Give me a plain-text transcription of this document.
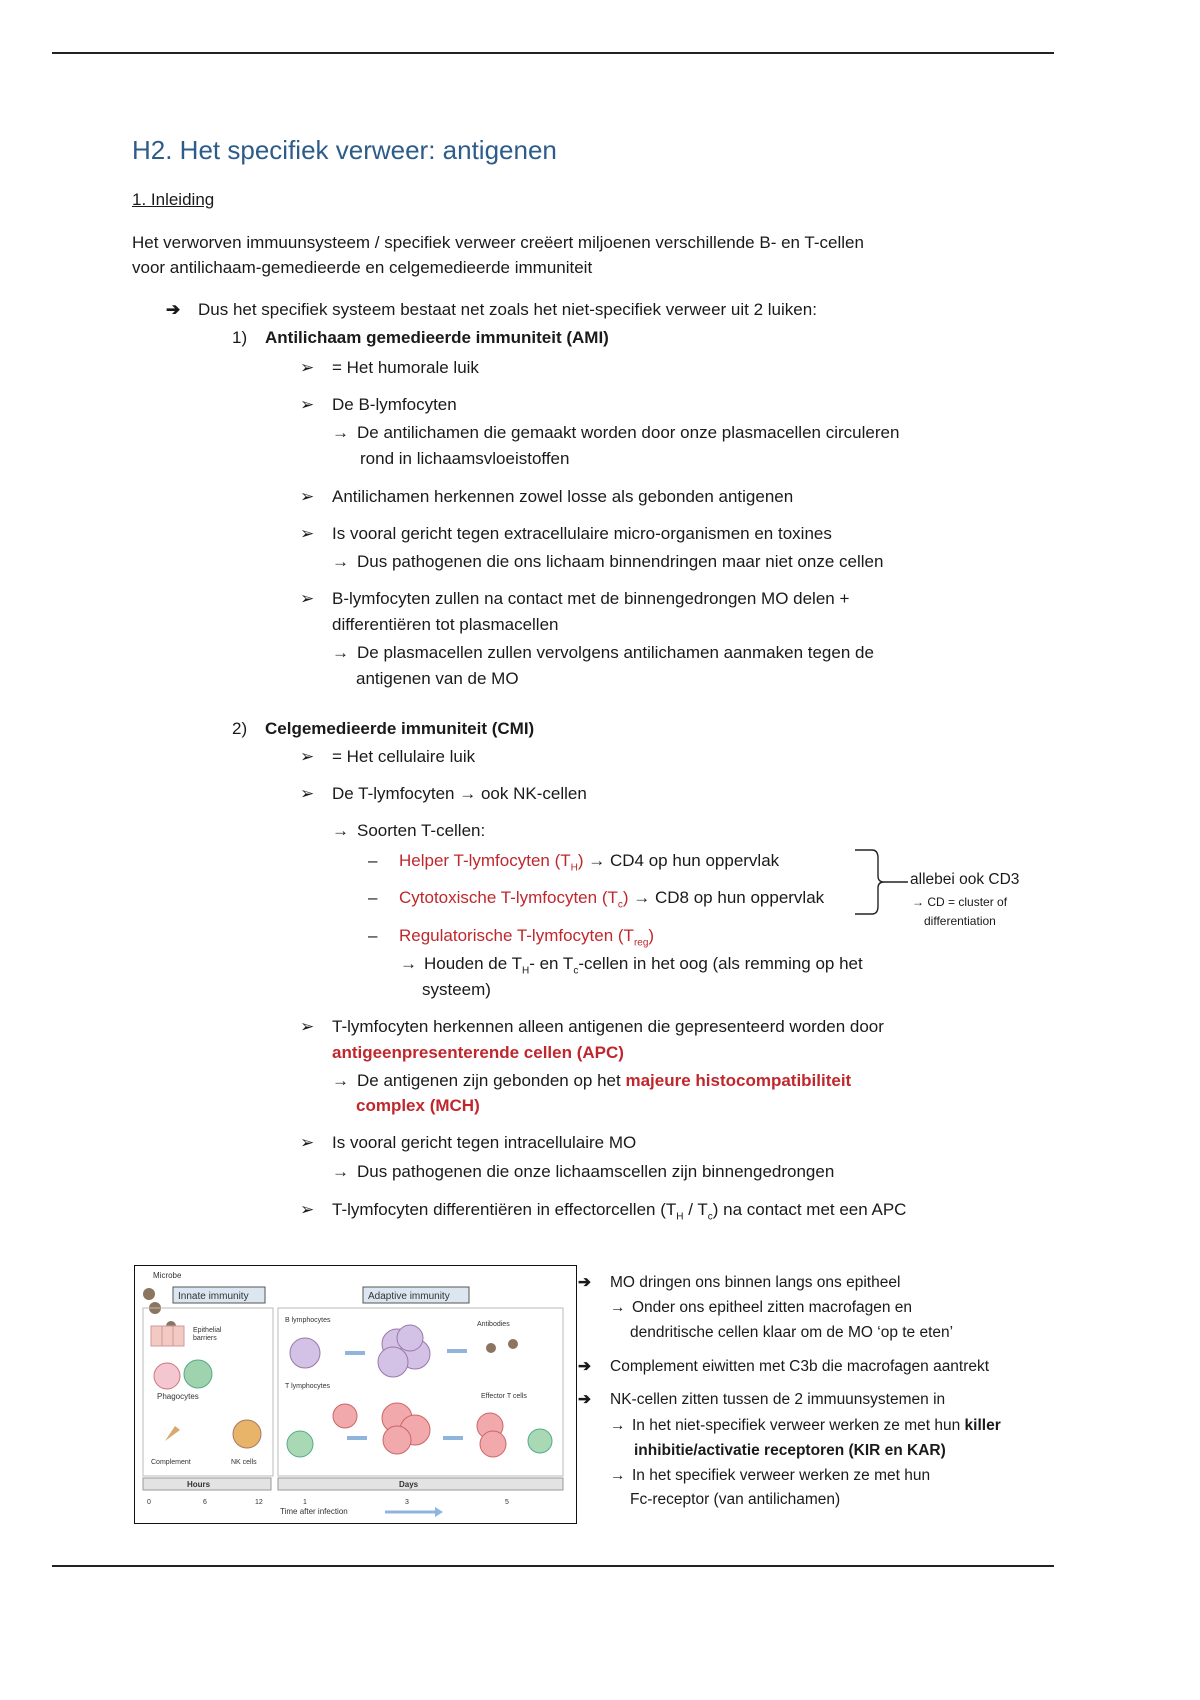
H2. Het specifiek verweer: antigenen
1. Inleiding
Het verworven immuunsysteem / specifiek verweer creëert miljoenen verschillende B- en T-cellen
voor antilichaam-gemedieerde en celgemedieerde immuniteit
➔ Dus het specifiek systeem bestaat net zoals het niet-specifiek verweer uit 2 luiken:
1) Antilichaam gemedieerde immuniteit (AMI)
➢ = Het humorale luik
➢ De B-lymfocyten
→ De antilichamen die gemaakt worden door onze plasmacellen circuleren
rond in lichaamsvloeistoffen
➢ Antilichamen herkennen zowel losse als gebonden antigenen
➢ Is vooral gericht tegen extracellulaire micro-organismen en toxines
→ Dus pathogenen die ons lichaam binnendringen maar niet onze cellen
➢ B-lymfocyten zullen na contact met de binnengedrongen MO delen +
differentiëren tot plasmacellen
→ De plasmacellen zullen vervolgens antilichamen aanmaken tegen de
antigenen van de MO
2) Celgemedieerde immuniteit (CMI)
➢ = Het cellulaire luik
➢ De T-lymfocyten → ook NK-cellen
→ Soorten T-cellen:
– Helper T-lymfocyten $(T_H) \to CD4$ op hun oppervlak
– Cytotoxische T-lymfocyten $(T_c) \to CD8$ op hun oppervlak
– Regulatorische T-lymfocyten $(T_{reg})$
→ Houden de $T_H-$ en $T_c$-cellen in het oog (als remming op het
systeem)
allebei ook CD3
→ CD = cluster of
differentiation
➢ T-lymfocyten herkennen alleen antigenen die gepresenteerd worden door
antigeenpresenterende cellen (APC)
→ De antigenen zijn gebonden op het majeure histocompatibiliteit
complex (MCH)
➢ Is vooral gericht tegen intracellulaire MO
→ Dus pathogenen die onze lichaamscellen zijn binnengedrongen
➢ T-lymfocyten differentiëren in effectorcellen $(T_H / T_c)$ na contact met een APC
Microbe
Innate immunity	Adaptive immunity
Epithelial
barriers
Phagocytes
Complement	NK cells
B lymphocytes
Antibodies
T lymphocytes
Effector T cells
Hours	Days
0	6	12	1	3	5
Time after infection
➔ MO dringen ons binnen langs ons epitheel
→ Onder ons epitheel zitten macrofagen en
dendritische cellen klaar om de MO ‘op te eten’
➔ Complement eiwitten met C3b die macrofagen aantrekt
➔ NK-cellen zitten tussen de 2 immuunsystemen in
→ In het niet-specifiek verweer werken ze met hun killer
inhibitie/activatie receptoren (KIR en KAR)
→ In het specifiek verweer werken ze met hun
Fc-receptor (van antilichamen)
